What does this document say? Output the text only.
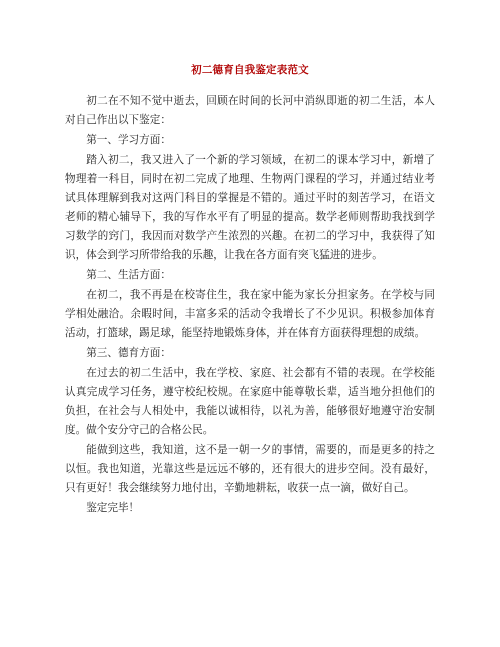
初二德育自我鉴定表范文

初二在不知不觉中逝去，回顾在时间的长河中消纵即逝的初二生活，本人对自己作出以下鉴定：

第一、学习方面：

踏入初二，我又进入了一个新的学习领域，在初二的课本学习中，新增了物理着一科目，同时在初二完成了地理、生物两门课程的学习，并通过结业考试具体理解到我对这两门科目的掌握是不错的。通过平时的刻苦学习，在语文老师的精心辅导下，我的写作水平有了明显的提高。数学老师则帮助我找到学习数学的窍门，我因而对数学产生浓烈的兴趣。在初二的学习中，我获得了知识，体会到学习所带给我的乐趣，让我在各方面有突飞猛进的进步。

第二、生活方面：

在初二，我不再是在校寄住生，我在家中能为家长分担家务。在学校与同学相处融洽。余暇时间，丰富多采的活动令我增长了不少见识。积极参加体育活动，打篮球，踢足球，能坚持地锻炼身体，并在体育方面获得理想的成绩。

第三、德育方面：

在过去的初二生活中，我在学校、家庭、社会都有不错的表现。在学校能认真完成学习任务，遵守校纪校规。在家庭中能尊敬长辈，适当地分担他们的负担，在社会与人相处中，我能以诚相待，以礼为善，能够很好地遵守治安制度。做个安分守己的合格公民。

能做到这些，我知道，这不是一朝一夕的事情，需要的，而是更多的持之以恒。我也知道，光靠这些是远远不够的，还有很大的进步空间。没有最好，只有更好！我会继续努力地付出，辛勤地耕耘，收获一点一滴，做好自己。

鉴定完毕！
